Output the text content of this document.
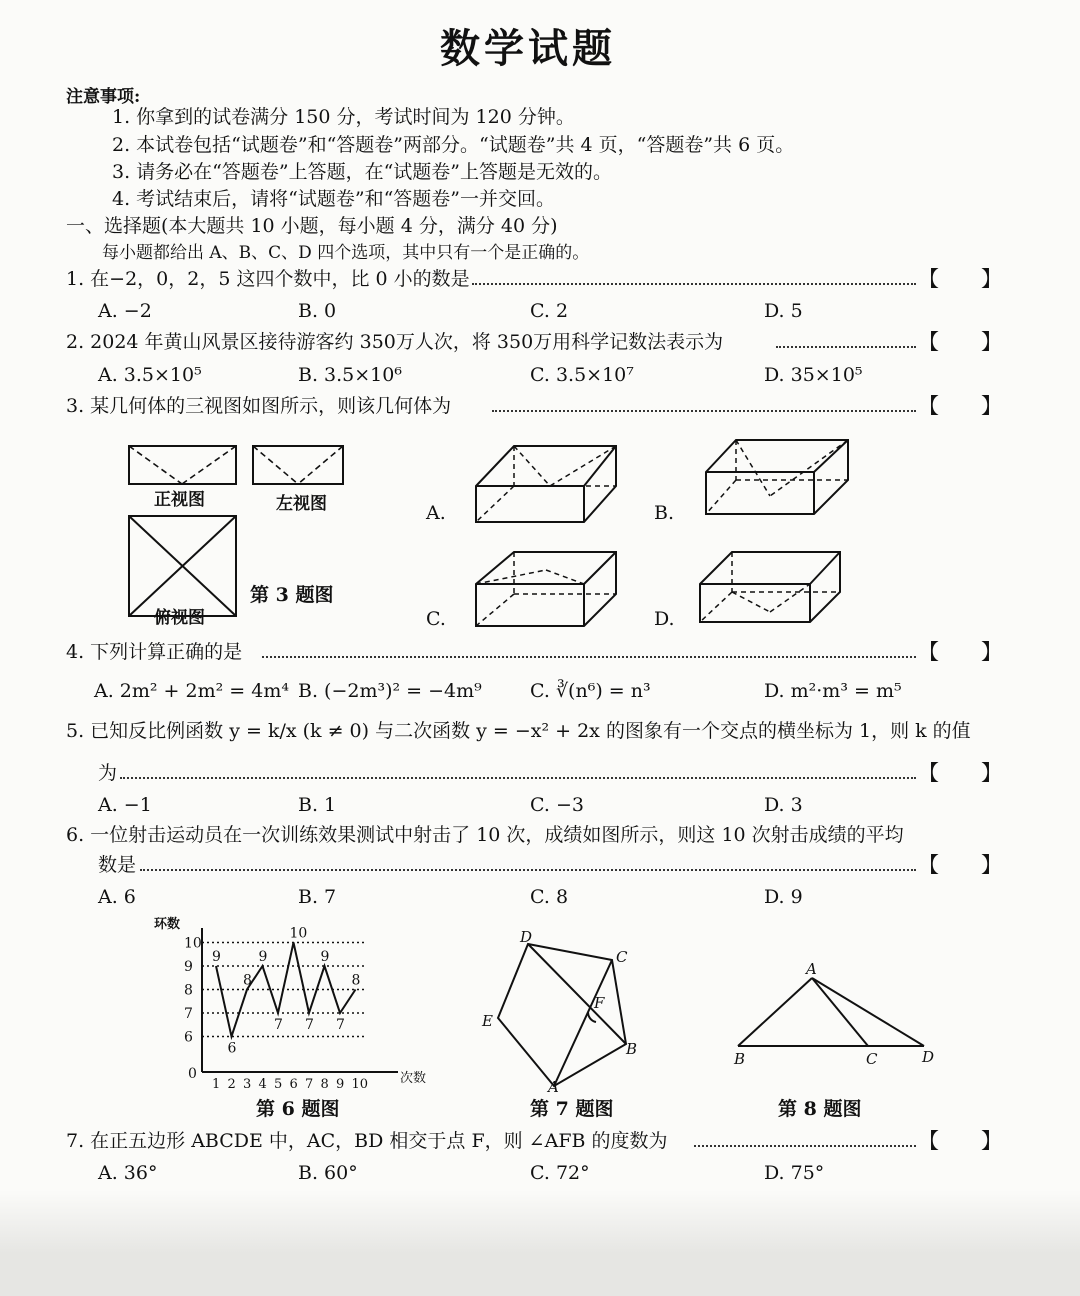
数学试题
注意事项:
1. 你拿到的试卷满分 150 分，考试时间为 120 分钟。
2. 本试卷包括“试题卷”和“答题卷”两部分。“试题卷”共 4 页，“答题卷”共 6 页。
3. 请务必在“答题卷”上答题，在“试题卷”上答题是无效的。
4. 考试结束后，请将“试题卷”和“答题卷”一并交回。
一、选择题(本大题共 10 小题，每小题 4 分，满分 40 分)
每小题都给出 A、B、C、D 四个选项，其中只有一个是正确的。
1. 在−2，0，2，5 这四个数中，比 0 小的数是	【　　】
A. −2	B. 0	C. 2	D. 5
2. 2024 年黄山风景区接待游客约 350万人次，将 350万用科学记数法表示为	【　　】
A. 3.5×10⁵	B. 3.5×10⁶	C. 3.5×10⁷	D. 35×10⁵
3. 某几何体的三视图如图所示，则该几何体为	【　　】
正视图	左视图
俯视图
第 3 题图
A.	B.
C.	D.
4. 下列计算正确的是	【　　】
A. 2m² + 2m² = 4m⁴ B. (−2m³)² = −4m⁹	C. ∛(n⁶) = n³	D. m²·m³ = m⁵
5. 已知反比例函数 y = k/x (k ≠ 0) 与二次函数 y = −x² + 2x 的图象有一个交点的横坐标为 1，则 k 的值
为	【　　】
A. −1	B. 1	C. −3	D. 3
6. 一位射击运动员在一次训练效果测试中射击了 10 次，成绩如图所示，则这 10 次射击成绩的平均
数是	【　　】
A. 6	B. 7	C. 8	D. 9
次数
环数
0
6
7
8
9
10
1 2 3 4 5 6 7 8 9 10
9
6
8
9
7
10
7
9
7
8
第 6 题图
D
C
F
E
B
A
第 7 题图
A
B	C	D
第 8 题图
7. 在正五边形 ABCDE 中，AC，BD 相交于点 F，则 ∠AFB 的度数为	【　　】
A. 36°	B. 60°	C. 72°	D. 75°
